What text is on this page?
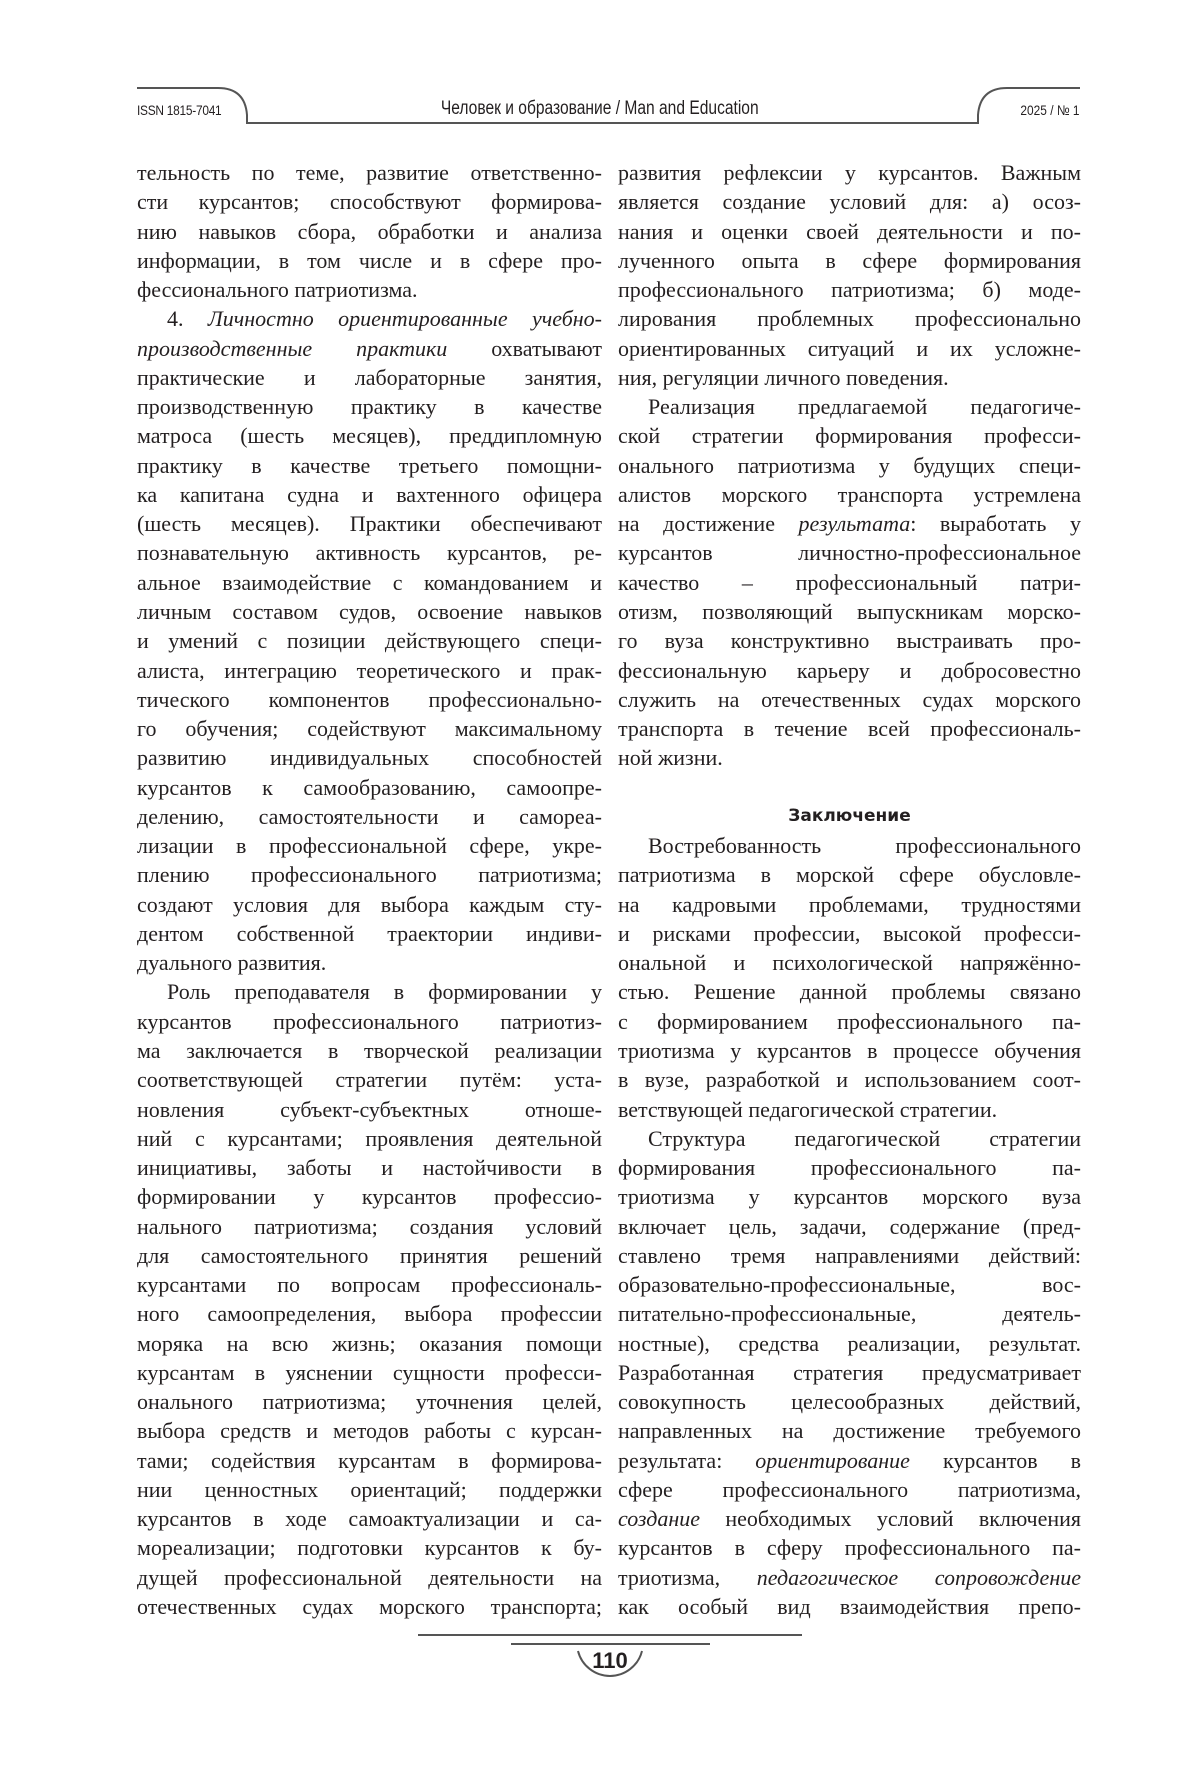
ISSN 1815-7041	Человек и образование / Man and Education	2025 / № 1
тельность по теме, развитие ответственно-
сти курсантов; способствуют формирова-
нию навыков сбора, обработки и анализа
информации, в том числе и в сфере про-
фессионального патриотизма.
4. Личностно ориентированные учебно-
производственные практики охватывают
практические и лабораторные занятия,
производственную практику в качестве
матроса (шесть месяцев), преддипломную
практику в качестве третьего помощни-
ка капитана судна и вахтенного офицера
(шесть месяцев). Практики обеспечивают
познавательную активность курсантов, ре-
альное взаимодействие с командованием и
личным составом судов, освоение навыков
и умений с позиции действующего специ-
алиста, интеграцию теоретического и прак-
тического компонентов профессионально-
го обучения; содействуют максимальному
развитию индивидуальных способностей
курсантов к самообразованию, самоопре-
делению, самостоятельности и самореа-
лизации в профессиональной сфере, укре-
плению профессионального патриотизма;
создают условия для выбора каждым сту-
дентом собственной траектории индиви-
дуального развития.
Роль преподавателя в формировании у
курсантов профессионального патриотиз-
ма заключается в творческой реализации
соответствующей стратегии путём: уста-
новления субъект-субъектных отноше-
ний с курсантами; проявления деятельной
инициативы, заботы и настойчивости в
формировании у курсантов профессио-
нального патриотизма; создания условий
для самостоятельного принятия решений
курсантами по вопросам профессиональ-
ного самоопределения, выбора профессии
моряка на всю жизнь; оказания помощи
курсантам в уяснении сущности професси-
онального патриотизма; уточнения целей,
выбора средств и методов работы с курсан-
тами; содействия курсантам в формирова-
нии ценностных ориентаций; поддержки
курсантов в ходе самоактуализации и са-
мореализации; подготовки курсантов к бу-
дущей профессиональной деятельности на
отечественных судах морского транспорта;
развития рефлексии у курсантов. Важным
является создание условий для: а) осоз-
нания и оценки своей деятельности и по-
лученного опыта в сфере формирования
профессионального патриотизма; б) моде-
лирования проблемных профессионально
ориентированных ситуаций и их усложне-
ния, регуляции личного поведения.
Реализация предлагаемой педагогиче-
ской стратегии формирования професси-
онального патриотизма у будущих специ-
алистов морского транспорта устремлена
на достижение результата: выработать у
курсантов личностно-профессиональное
качество – профессиональный патри-
отизм, позволяющий выпускникам морско-
го вуза конструктивно выстраивать про-
фессиональную карьеру и добросовестно
служить на отечественных судах морского
транспорта в течение всей профессиональ-
ной жизни.
Заключение
Востребованность профессионального
патриотизма в морской сфере обусловле-
на кадровыми проблемами, трудностями
и рисками профессии, высокой професси-
ональной и психологической напряжённо-
стью. Решение данной проблемы связано
с формированием профессионального па-
триотизма у курсантов в процессе обучения
в вузе, разработкой и использованием соот-
ветствующей педагогической стратегии.
Структура педагогической стратегии
формирования профессионального па-
триотизма у курсантов морского вуза
включает цель, задачи, содержание (пред-
ставлено тремя направлениями действий:
образовательно-профессиональные, вос-
питательно-профессиональные, деятель-
ностные), средства реализации, результат.
Разработанная стратегия предусматривает
совокупность целесообразных действий,
направленных на достижение требуемого
результата: ориентирование курсантов в
сфере профессионального патриотизма,
создание необходимых условий включения
курсантов в сферу профессионального па-
триотизма, педагогическое сопровождение
как особый вид взаимодействия препо-
110
